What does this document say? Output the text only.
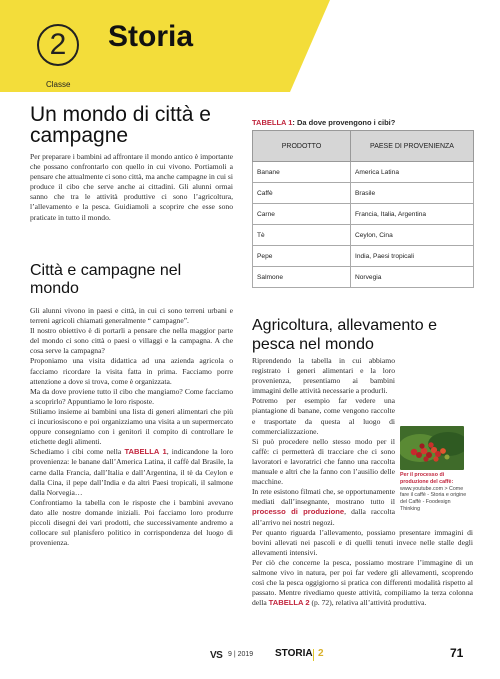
2 Storia
Classe
Un mondo di città e campagne

Per preparare i bambini ad affrontare il mondo antico è importante che possano confrontarlo con quello in cui vivono. Portiamoli a pensare che attualmente ci sono città, ma anche campagne in cui si produce il cibo che serve anche ai cittadini. Gli alunni ormai sanno che tra le attività produttive ci sono l’agricoltura, l’allevamento e la pesca. Guidiamoli a scoprire che esse sono praticate in tutto il mondo.

Città e campagne nel mondo

Gli alunni vivono in paesi e città, in cui ci sono terreni urbani e terreni agricoli chiamati generalmente “ campagne”.

Il nostro obiettivo è di portarli a pensare che nella maggior parte del mondo ci sono città o paesi o villaggi e la campagna. A che cosa serve la campagna?

Proponiamo una visita didattica ad una azienda agricola o facciamo ricordare la visita fatta in prima. Facciamo porre attenzione a dove si trova, come è organizzata.

Ma da dove proviene tutto il cibo che mangiamo? Come facciamo a scoprirlo? Appuntiamo le loro risposte.

Stiliamo insieme ai bambini una lista di generi alimentari che più ci incuriosiscono e poi organizziamo una visita a un supermercato oppure consegniamo con i genitori il compito di controllare le etichette degli alimenti.

Schediamo i cibi come nella TABELLA 1, indicandone la loro provenienza: le banane dall’America Latina, il caffè dal Brasile, la carne dalla Francia, dall’Italia e dall’Argentina, il tè da Ceylon e dalla Cina, il pepe dall’India e da altri Paesi tropicali, il salmone dalla Norvegia…

Confrontiamo la tabella con le risposte che i bambini avevano dato alle nostre domande iniziali. Poi facciamo loro produrre piccoli disegni dei vari prodotti, che successivamente andremo a collocare sul planisfero politico in corrispondenza del luogo di provenienza.

TABELLA 1: Da dove provengono i cibi?
PRODOTTO	PAESE DI PROVENIENZA
Banane	America Latina
Caffè	Brasile
Carne	Francia, Italia, Argentina
Tè	Ceylon, Cina
Pepe	India, Paesi tropicali
Salmone	Norvegia
Agricoltura, allevamento e pesca nel mondo

Riprendendo la tabella in cui abbiamo registrato i generi alimentari e la loro provenienza, presentiamo ai bambini immagini delle attività necessarie a produrli.

Potremo per esempio far vedere una piantagione di banane, come vengono raccolte e trasportate da questa al luogo di commercializzazione.

Si può procedere nello stesso modo per il caffè: ci permetterà di tracciare che ci sono lavoratori e lavoratrici che fanno una raccolta manuale e altri che la fanno con l’ausilio delle macchine.

In rete esistono filmati che, se opportunamente mediati dall’insegnante, mostrano tutto il processo di produzione, dalla raccolta all’arrivo nei nostri negozi.

Per quanto riguarda l’allevamento, possiamo presentare immagini di bovini allevati nei pascoli e di quelli tenuti invece nelle stalle degli allevamenti intensivi.

Per ciò che concerne la pesca, possiamo mostrare l’immagine di un salmone vivo in natura, per poi far vedere gli allevamenti, scoprendo così che la pesca oggigiorno si pratica con differenti modalità rispetto al passato. Mentre rivediamo queste attività, compiliamo la terza colonna della TABELLA 2 (p. 72), relativa all’attività produttiva.

Per il processo di produzione del caffè: www.youtube.com > Come fare il caffè - Storia e origine del Caffè - Foodesign Thinking
VS 9 | 2019 STORIA 2	71
